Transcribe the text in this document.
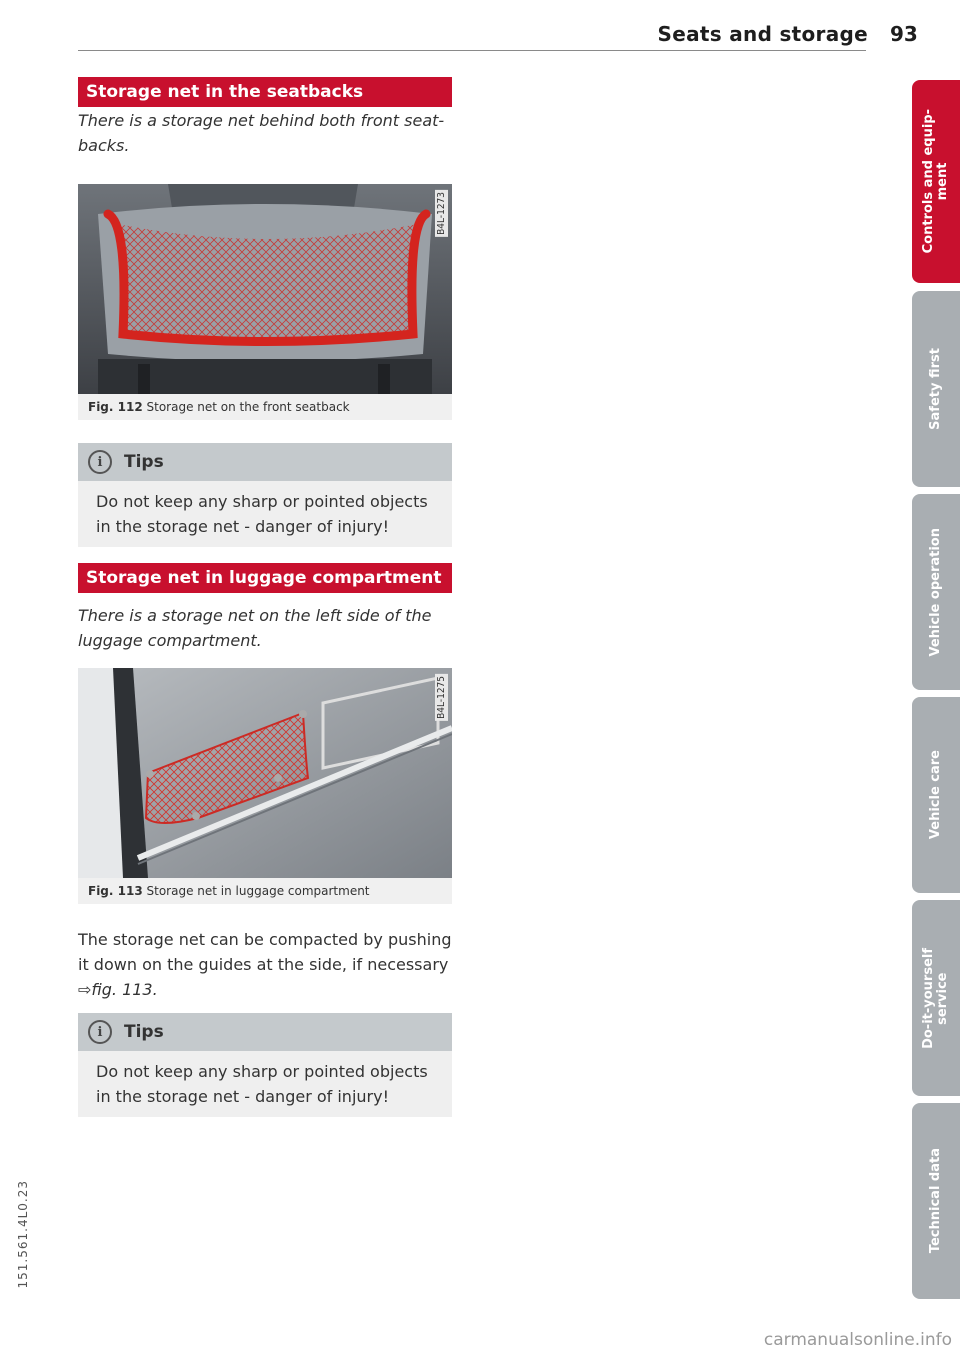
Seats and storage 93
Storage net in the seatbacks
There is a storage net behind both front seat-backs.
B4L-1273
Fig. 112 Storage net on the front seatback
i	Tips
Do not keep any sharp or pointed objects in the storage net - danger of injury!
Storage net in luggage compartment
There is a storage net on the left side of the luggage compartment.
B4L-1275
Fig. 113 Storage net in luggage compartment
The storage net can be compacted by pushing it down on the guides at the side, if necessary ⇨fig. 113.
i	Tips
Do not keep any sharp or pointed objects in the storage net - danger of injury!
Controls and equip-
ment
Safety first
Vehicle operation
Vehicle care
Do-it-yourself
service
Technical data
151.561.4L0.23
carmanualsonline.info
